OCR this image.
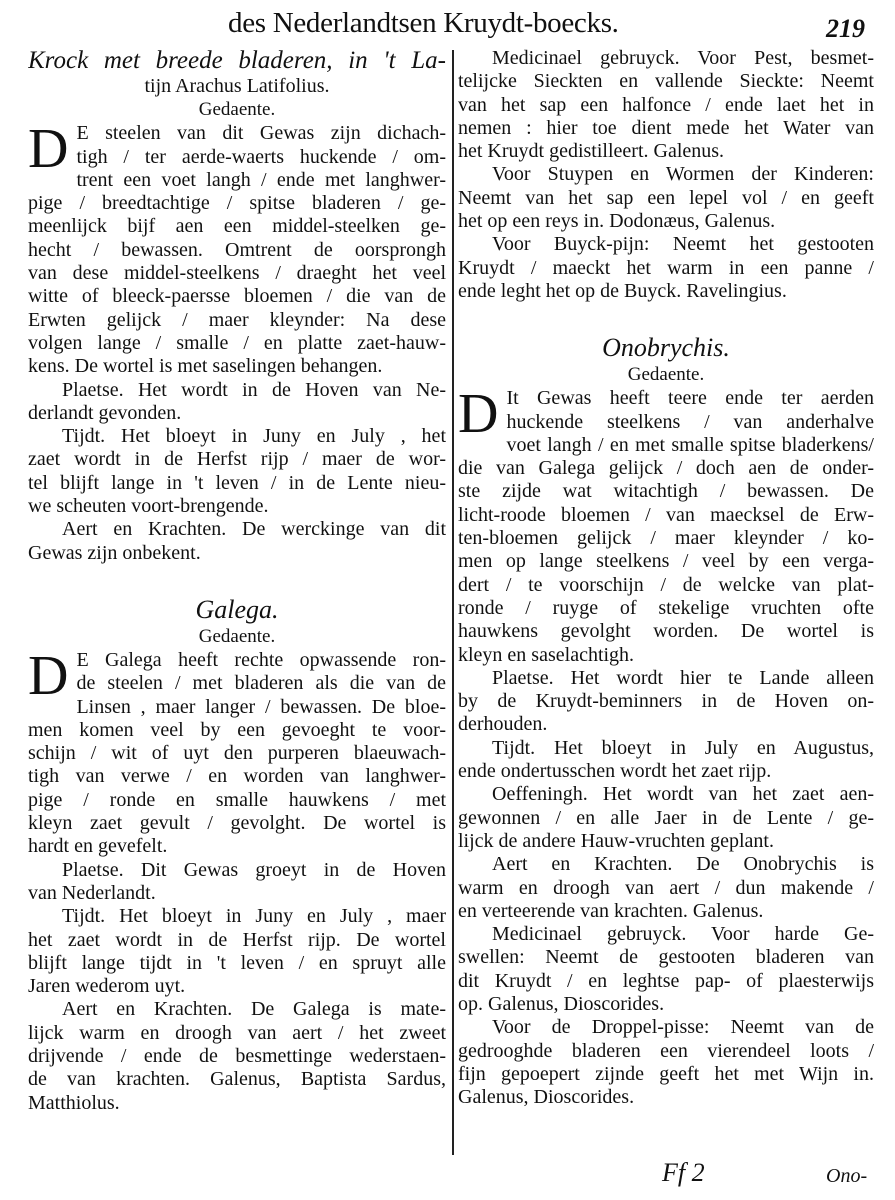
des Nederlandtsen Kruydt-boecks.	219
Krock met breede bladeren, in 't La-
tijn Arachus Latifolius.
Gedaente.
D E steelen van dit Gewas zijn dichach-
tigh / ter aerde-waerts huckende / om-
trent een voet langh / ende met langhwer-
pige / breedtachtige / spitse bladeren / ge-
meenlijck bijf aen een middel-steelken ge-
hecht / bewassen. Omtrent de oorsprongh
van dese middel-steelkens / draeght het veel
witte of bleeck-paersse bloemen / die van de
Erwten gelijck / maer kleynder: Na dese
volgen lange / smalle / en platte zaet-hauw-
kens. De wortel is met saselingen behangen.
Plaetse. Het wordt in de Hoven van Ne-
derlandt gevonden.
Tijdt. Het bloeyt in Juny en July , het
zaet wordt in de Herfst rijp / maer de wor-
tel blijft lange in 't leven / in de Lente nieu-
we scheuten voort-brengende.
Aert en Krachten. De werckinge van dit
Gewas zijn onbekent.
Galega.
Gedaente.
D E Galega heeft rechte opwassende ron-
de steelen / met bladeren als die van de
Linsen , maer langer / bewassen. De bloe-
men komen veel by een gevoeght te voor-
schijn / wit of uyt den purperen blaeuwach-
tigh van verwe / en worden van langhwer-
pige / ronde en smalle hauwkens / met
kleyn zaet gevult / gevolght. De wortel is
hardt en gevefelt.
Plaetse. Dit Gewas groeyt in de Hoven
van Nederlandt.
Tijdt. Het bloeyt in Juny en July , maer
het zaet wordt in de Herfst rijp. De wortel
blijft lange tijdt in 't leven / en spruyt alle
Jaren wederom uyt.
Aert en Krachten. De Galega is mate-
lijck warm en droogh van aert / het zweet
drijvende / ende de besmettinge wederstaen-
de van krachten. Galenus, Baptista Sardus,
Matthiolus.
Medicinael gebruyck. Voor Pest, besmet-
telijcke Siecktеn en vallende Sieckte: Neemt
van het sap een halfonce / ende laet het in
nemen : hier toe dient mede het Water van
het Kruydt gedistilleert. Galenus.
Voor Stuypen en Wormen der Kinderen:
Neemt van het sap een lepel vol / en geeft
het op een reys in. Dodonæus, Galenus.
Voor Buyck-pijn: Neemt het gestooten
Kruydt / maeckt het warm in een panne /
ende leght het op de Buyck. Ravelingius.
Onobrychis.
Gedaente.
D It Gewas heeft teere ende ter aerden
huckende steelkens / van anderhalve
voet langh / en met smalle spitse bladerkens/
die van Galega gelijck / doch aen de onder-
ste zijde wat witachtigh / bewassen. De
licht-roode bloemen / van maecksel de Erw-
ten-bloemen gelijck / maer kleynder / ko-
men op lange steelkens / veel by een verga-
dert / te voorschijn / de welcke van plat-
ronde / ruyge of stekelige vruchten ofte
hauwkens gevolght worden. De wortel is
kleyn en saselachtigh.
Plaetse. Het wordt hier te Lande alleen
by de Kruydt-beminners in de Hoven on-
derhouden.
Tijdt. Het bloeyt in July en Augustus,
ende ondertusschen wordt het zaet rijp.
Oeffeningh. Het wordt van het zaet aen-
gewonnen / en alle Jaer in de Lente / ge-
lijck de andere Hauw-vruchten geplant.
Aert en Krachten. De Onobrychis is
warm en droogh van aert / dun makende /
en verteerende van krachten. Galenus.
Medicinael gebruyck. Voor harde Ge-
swellen: Neemt de gestooten bladeren van
dit Kruydt / en leghtse pap- of plaesterwijs
op. Galenus, Dioscorides.
Voor de Droppel-pisse: Neemt van de
gedrooghde bladeren een vierendeel loots /
fijn gepoepert zijnde geeft het met Wijn in.
Galenus, Dioscorides.
Ff 2	Ono-
